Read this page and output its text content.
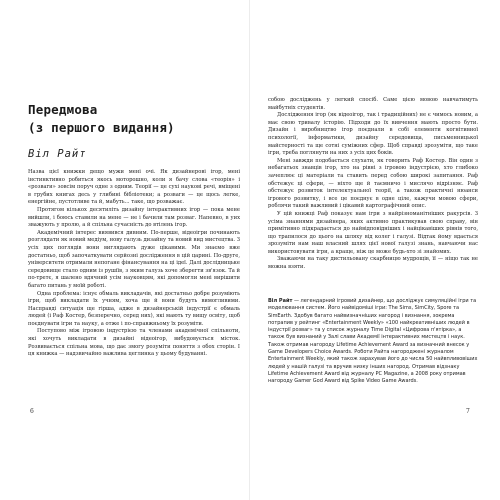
Передмова
(з першого видання)
Віл Райт

Назва цієї книжки дещо мужи мені очі. Як дизайнерові ігор, мені інстинктивно робиться якось моторошно, коли я бачу слова «теорія» і «розваги» зовсім поруч одне з одним. Теорії — це сухі наукові речі, вміщені в грубих книгах десь у глибині бібліотеки; а розваги — це щось легке, енергійне, пустотливе та й, мабуть... таке, що розважає.

Протягом кількох десятиліть дизайну інтерактивних ігор — пока мене вийшли, і боюсь ставили на мене — не і бачили там розваг. Напевно, в уих зважують у пролю, а й спільна сучасність до втілень ігор.

Академічний інтерес виявився дивним. По-перше, відеоігри починають розглядати як новий медіум, нову галузь дизайну та новий вид мистецтва. З усіх цих поглядів вони виглядають дуже цікавими. Ми знаємо вже достатньо, щоб започаткувати серйозні дослідження в цій царині. По-друге, університети отримали непогане фінансування на ці ідеї. Далі дослідницьке середовище стало одним із рушіїв, з яким галузь хоче зберегти зв'язок. Та й по-третє, я шалено вдячний усім науковцям, які допомогли мені вирішити багато питань у моїй роботі.

Одна проблема: існує обмаль викладачів, які достатньо добре розуміють ігри, щоб викладати їх учням, хоча ще й вони будуть вимогливими. Насправді ситуація ще гірша, адже в дизайнерській індустрії є обмаль людей (і Раф Костер, безперечно, серед них), які мають ту вищу освіту, щоб поєднувати ігри та науку, а отже і по-справжньому їх розуміти.

Поступово між ігровою індустрією та членами академічної спільноти, які хочуть викладати в дизайні відеоігор, вибудовується місток. Розвивається спільна мова, що дає змогу розуміти поняття з обох сторін. І ця книжка — надзвичайно важлива цеглинка у цьому будуванні.

6

собою досліджень у легкий спосіб. Саме цією мовою навчатимуть майбутніх студентів.

Дослідження ігор (як відеоігор, так і традиційних) не є чимось новим, а має свою тривалу історію. Підходи до їх вивчення мають просто бути. Дизайн і виробництво ігор поєднали в собі елементи когнітивної психології, інформатики, дизайну середовища, письменницької майстерності та ще сотні суміжних сфер. Щоб справді зрозуміти, що таке ігри, треба поглянути на них з усіх цих боків.

Мені завжди подобається слухати, як говорить Раф Костер. Він один з небагатьох знавців ігор, хто на рівні з ігровою індустрією, хто глибоко зачеплює ці матеріали та ставить перед собою широкі запитання. Раф обстежує ці сфери, — ніхто ще й таємничо і мислячо відрізняє. Раф обстежує розвиток інтелектуальної теорії, а також практичні нюанси ігрового розвитку, і все це поєднує в одне ціле, кажучи мовою сфери, роблячи такий важливий і цікавий картографічний опис.

У цій книжці Раф показує нам ігри з найрізноманітніших ракурсів. З усіма знаннями дизайнера, яких активно практикував свою справу, він примітивно підкрадається до найвідповідніших і найцікавіших рівнів того, що трапилося до цього на шляху від колег і галузі. Відтак йому вдається зрозуміти нам наш власний шлях цієї нової галузі знань, навчаючи нас використовувати ігри, а краще, ніж це може будь-хто зі знайомих.

Зважаючи на таку дистильовану скарбницю мудрощів, її — ніщо так не можна взяти.

Віл Райт — легендарний ігровий дизайнер, що досліджує симуляційні ігри та моделювання систем. Його найвідоміші ігри: The Sims, SimCity, Spore та SimEarth. Здобув багато найвизначніших нагород і визнання, зокрема потрапив у рейтинг «Entertainment Weekly» «100 найкреативніших людей в індустрії розваг» та у список журналу Time Digital «Цифрова п'ятірка», а також був визнаний у Залі слави Академії інтерактивних мистецтв і наук. Також отримав нагороду Lifetime Achievement Award за визначний внесок у Game Developers Choice Awards. Роботи Райта нагороджені журналом Entertainment Weekly, який також зарахував його до числа 50 найвпливовіших людей у нашій галузі та вручив низку інших нагород. Отримав відзнаку Lifetime Achievement Award від журналу PC Magazine, а 2008 року отримав нагороду Gamer God Award від Spike Video Game Awards.
7
